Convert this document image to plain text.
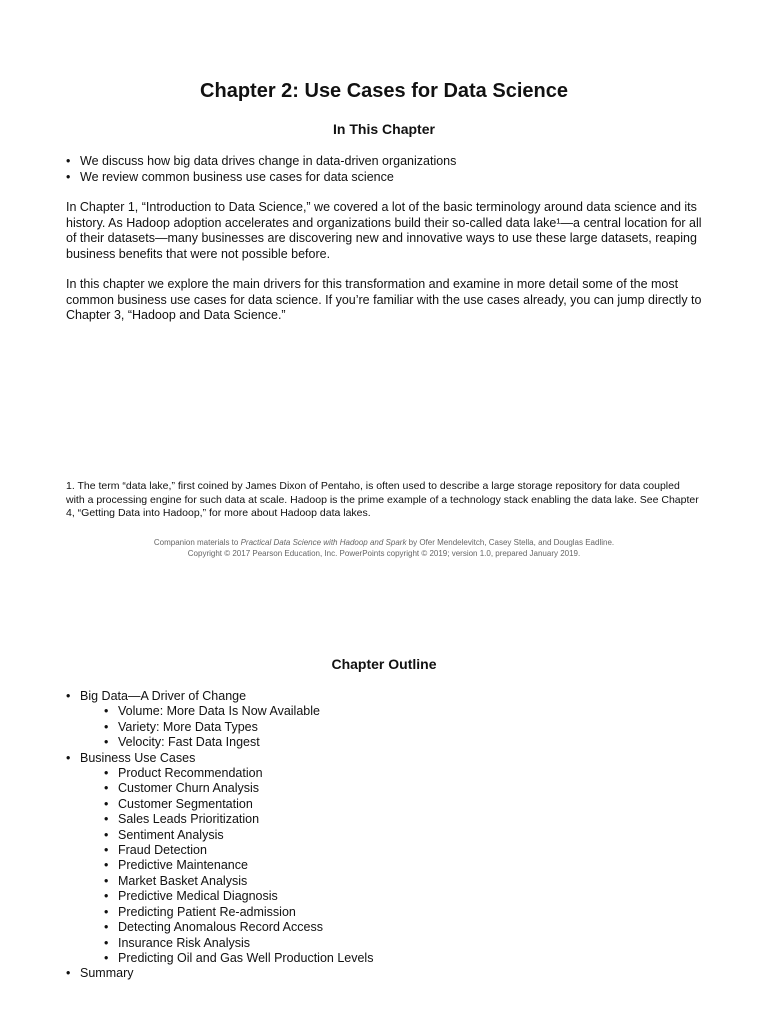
Chapter 2: Use Cases for Data Science
In This Chapter
• We discuss how big data drives change in data-driven organizations
• We review common business use cases for data science

In Chapter 1, “Introduction to Data Science,” we covered a lot of the basic terminology around data science and its history. As Hadoop adoption accelerates and organizations build their so-called data lake¹—a central location for all of their datasets—many businesses are discovering new and innovative ways to use these large datasets, reaping business benefits that were not possible before.

In this chapter we explore the main drivers for this transformation and examine in more detail some of the most common business use cases for data science. If you’re familiar with the use cases already, you can jump directly to Chapter 3, “Hadoop and Data Science.”

1. The term “data lake,” first coined by James Dixon of Pentaho, is often used to describe a large storage repository for data coupled with a processing engine for such data at scale. Hadoop is the prime example of a technology stack enabling the data lake. See Chapter 4, “Getting Data into Hadoop,” for more about Hadoop data lakes.

Companion materials to Practical Data Science with Hadoop and Spark by Ofer Mendelevitch, Casey Stella, and Douglas Eadline.
Copyright © 2017 Pearson Education, Inc. PowerPoints copyright © 2019; version 1.0, prepared January 2019.
Chapter Outline
• Big Data—A Driver of Change
• Volume: More Data Is Now Available
• Variety: More Data Types
• Velocity: Fast Data Ingest
• Business Use Cases
• Product Recommendation
• Customer Churn Analysis
• Customer Segmentation
• Sales Leads Prioritization
• Sentiment Analysis
• Fraud Detection
• Predictive Maintenance
• Market Basket Analysis
• Predictive Medical Diagnosis
• Predicting Patient Re-admission
• Detecting Anomalous Record Access
• Insurance Risk Analysis
• Predicting Oil and Gas Well Production Levels
• Summary
